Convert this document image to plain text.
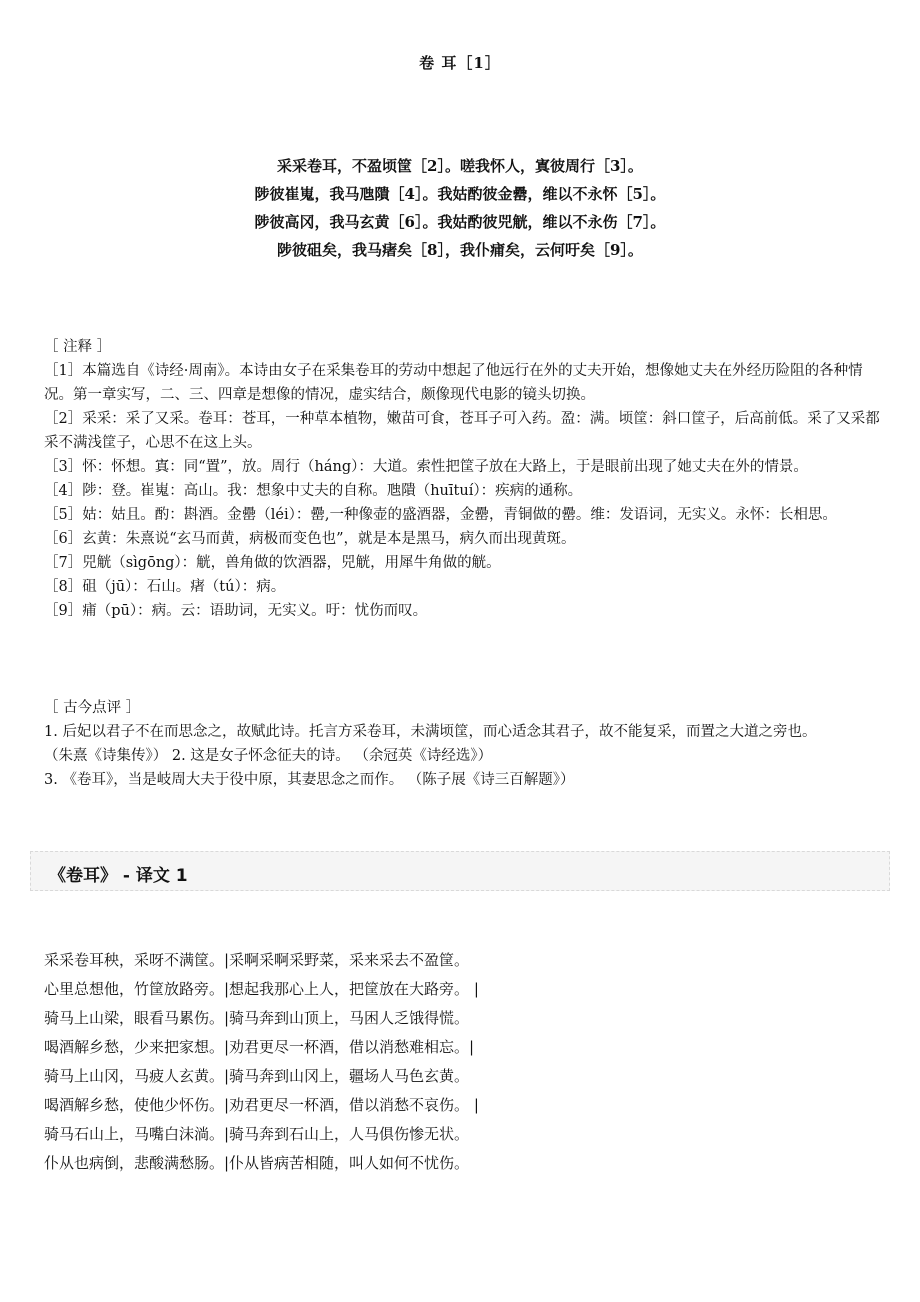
卷 耳［1］
采采卷耳，不盈顷筐［2］。嗟我怀人，寘彼周行［3］。
陟彼崔嵬，我马虺隤［4］。我姑酌彼金罍，维以不永怀［5］。
陟彼高冈，我马玄黄［6］。我姑酌彼兕觥，维以不永伤［7］。
陟彼砠矣，我马瘏矣［8］，我仆痡矣，云何吁矣［9］。

［ 注释 ］

［1］本篇选自《诗经·周南》。本诗由女子在采集卷耳的劳动中想起了他远行在外的丈夫开始，想像她丈夫在外经历险阻的各种情况。第一章实写，二、三、四章是想像的情况，虚实结合，颇像现代电影的镜头切换。

［2］采采：采了又采。卷耳：苍耳，一种草本植物，嫩苗可食，苍耳子可入药。盈：满。顷筐：斜口筐子，后高前低。采了又采都采不满浅筐子，心思不在这上头。

［3］怀：怀想。寘：同“置”，放。周行（háng）：大道。索性把筐子放在大路上，于是眼前出现了她丈夫在外的情景。

［4］陟：登。崔嵬：高山。我：想象中丈夫的自称。虺隤（huītuí）：疾病的通称。

［5］姑：姑且。酌：斟酒。金罍（léi）：罍,一种像壶的盛酒器，金罍，青铜做的罍。维：发语词，无实义。永怀：长相思。

［6］玄黄：朱熹说“玄马而黄，病极而变色也”，就是本是黑马，病久而出现黄斑。

［7］兕觥（sìgōng）：觥，兽角做的饮酒器，兕觥，用犀牛角做的觥。

［8］砠（jū）：石山。瘏（tú）：病。

［9］痡（pū）：病。云：语助词，无实义。吁：忧伤而叹。

［ 古今点评 ］

1. 后妃以君子不在而思念之，故赋此诗。托言方采卷耳，未满顷筐，而心适念其君子，故不能复采，而置之大道之旁也。

（朱熹《诗集传》） 2. 这是女子怀念征夫的诗。 （余冠英《诗经选》）

3. 《卷耳》，当是岐周大夫于役中原，其妻思念之而作。 （陈子展《诗三百解题》）

《卷耳》 - 译文 1
采采卷耳秧，采呀不满筐。|采啊采啊采野菜，采来采去不盈筐。
心里总想他，竹筐放路旁。|想起我那心上人，把筐放在大路旁。 |
骑马上山梁，眼看马累伤。|骑马奔到山顶上，马困人乏饿得慌。
喝酒解乡愁，少来把家想。|劝君更尽一杯酒，借以消愁难相忘。|
骑马上山冈，马疲人玄黄。|骑马奔到山冈上，疆场人马色玄黄。
喝酒解乡愁，使他少怀伤。|劝君更尽一杯酒，借以消愁不哀伤。 |
骑马石山上，马嘴白沫淌。|骑马奔到石山上，人马俱伤惨无状。
仆从也病倒，悲酸满愁肠。|仆从皆病苦相随，叫人如何不忧伤。
